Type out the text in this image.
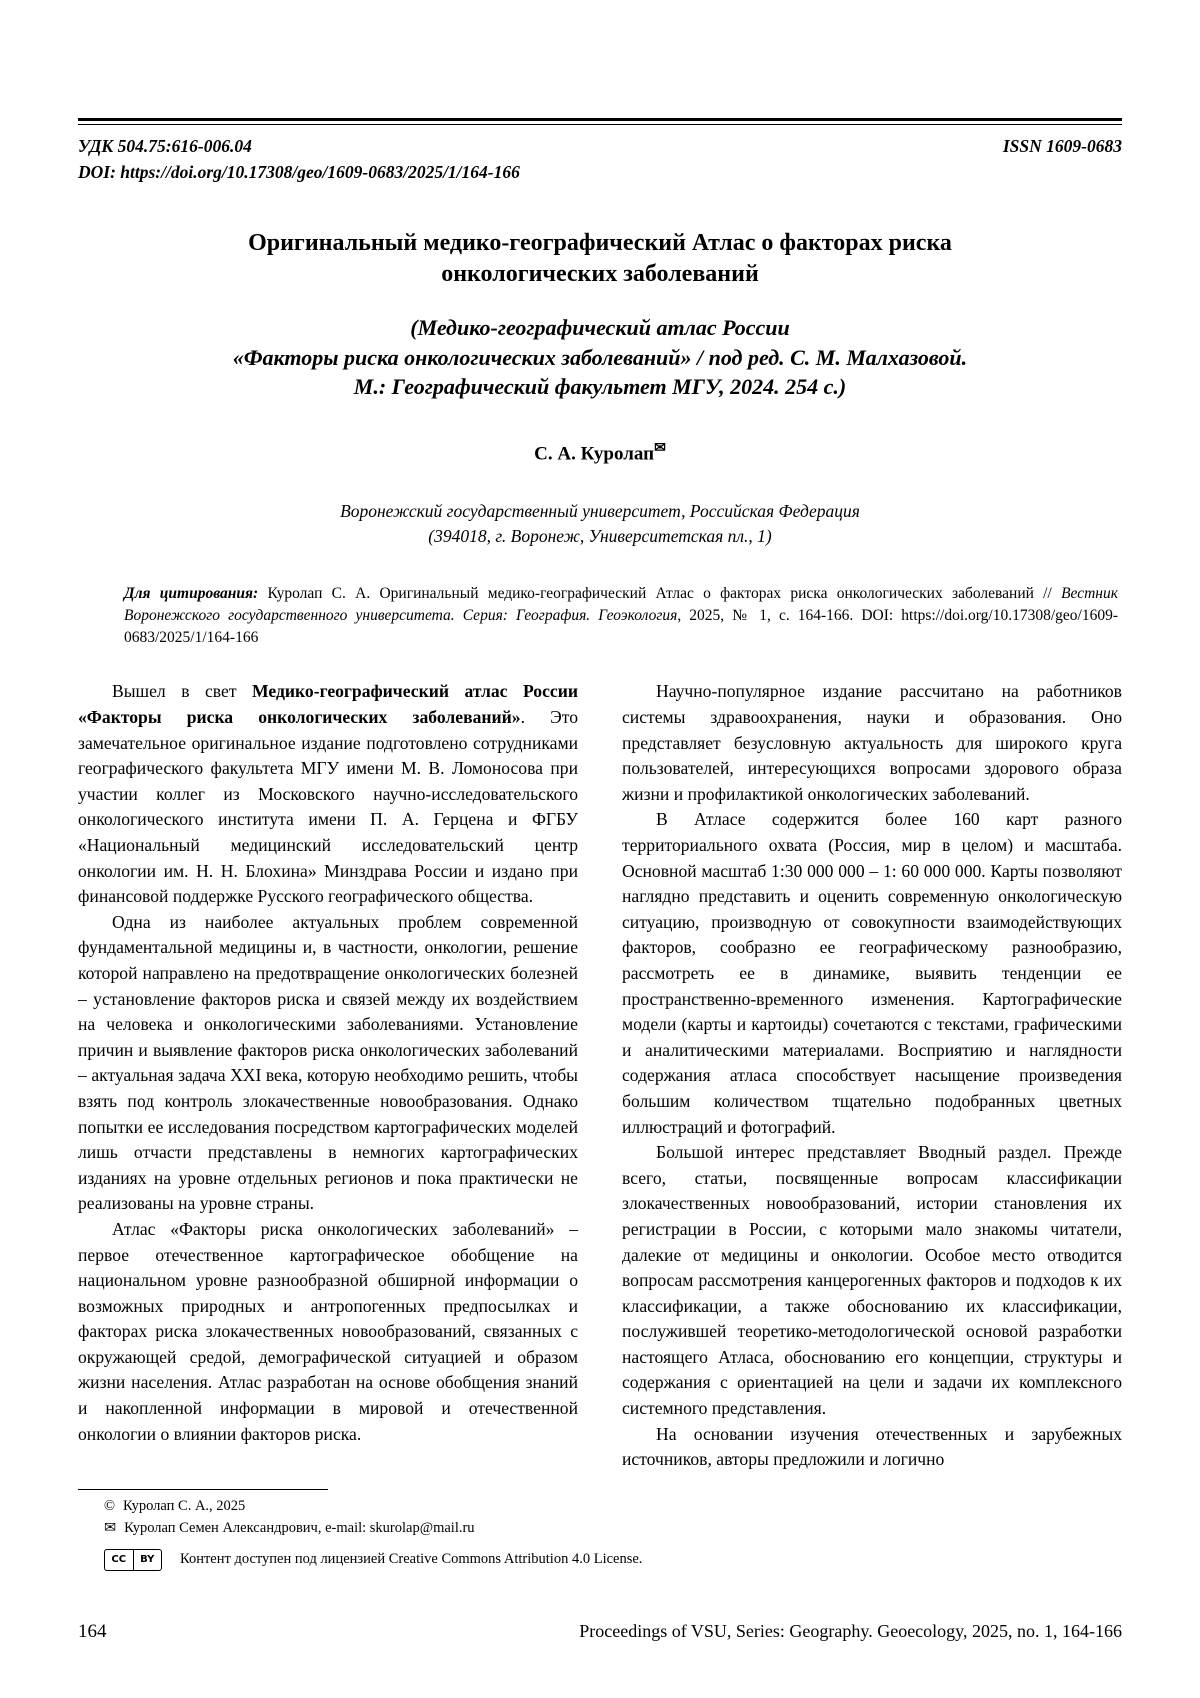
УДК 504.75:616-006.04	ISSN 1609-0683
DOI: https://doi.org/10.17308/geo/1609-0683/2025/1/164-166
Оригинальный медико-географический Атлас о факторах риска
онкологических заболеваний
(Медико-географический атлас России
«Факторы риска онкологических заболеваний» / под ред. С. М. Малхазовой.
М.: Географический факультет МГУ, 2024. 254 с.)
С. А. Куролап✉
Воронежский государственный университет, Российская Федерация
(394018, г. Воронеж, Университетская пл., 1)
Для цитирования: Куролап С. А. Оригинальный медико-географический Атлас о факторах риска онкологических заболеваний // Вестник Воронежского государственного университета. Серия: География. Геоэкология, 2025, № 1, с. 164-166. DOI: https://doi.org/10.17308/geo/1609-0683/2025/1/164-166

Вышел в свет Медико-географический атлас России «Факторы риска онкологических заболеваний». Это замечательное оригинальное издание подготовлено сотрудниками географического факультета МГУ имени М. В. Ломоносова при участии коллег из Московского научно-исследовательского онкологического института имени П. А. Герцена и ФГБУ «Национальный медицинский исследовательский центр онкологии им. Н. Н. Блохина» Минздрава России и издано при финансовой поддержке Русского географического общества.

Одна из наиболее актуальных проблем современной фундаментальной медицины и, в частности, онкологии, решение которой направлено на предотвращение онкологических болезней – установление факторов риска и связей между их воздействием на человека и онкологическими заболеваниями. Установление причин и выявление факторов риска онкологических заболеваний – актуальная задача XXI века, которую необходимо решить, чтобы взять под контроль злокачественные новообразования. Однако попытки ее исследования посредством картографических моделей лишь отчасти представлены в немногих картографических изданиях на уровне отдельных регионов и пока практически не реализованы на уровне страны.

Атлас «Факторы риска онкологических заболеваний» – первое отечественное картографическое обобщение на национальном уровне разнообразной обширной информации о возможных природных и антропогенных предпосылках и факторах риска злокачественных новообразований, связанных с окружающей средой, демографической ситуацией и образом жизни населения. Атлас разработан на основе обобщения знаний и накопленной информации в мировой и отечественной онкологии о влиянии факторов риска.

Научно-популярное издание рассчитано на работников системы здравоохранения, науки и образования. Оно представляет безусловную актуальность для широкого круга пользователей, интересующихся вопросами здорового образа жизни и профилактикой онкологических заболеваний.

В Атласе содержится более 160 карт разного территориального охвата (Россия, мир в целом) и масштаба. Основной масштаб 1:30 000 000 – 1: 60 000 000. Карты позволяют наглядно представить и оценить современную онкологическую ситуацию, производную от совокупности взаимодействующих факторов, сообразно ее географическому разнообразию, рассмотреть ее в динамике, выявить тенденции ее пространственно-временного изменения. Картографические модели (карты и картоиды) сочетаются с текстами, графическими и аналитическими материалами. Восприятию и наглядности содержания атласа способствует насыщение произведения большим количеством тщательно подобранных цветных иллюстраций и фотографий.

Большой интерес представляет Вводный раздел. Прежде всего, статьи, посвященные вопросам классификации злокачественных новообразований, истории становления их регистрации в России, с которыми мало знакомы читатели, далекие от медицины и онкологии. Особое место отводится вопросам рассмотрения канцерогенных факторов и подходов к их классификации, а также обоснованию их классификации, послужившей теоретико-методологической основой разработки настоящего Атласа, обоснованию его концепции, структуры и содержания с ориентацией на цели и задачи их комплексного системного представления.

На основании изучения отечественных и зарубежных источников, авторы предложили и логично

© Куролап С. А., 2025
✉ Куролап Семен Александрович, e-mail: skurolap@mail.ru
CC	BY	Контент доступен под лицензией Creative Commons Attribution 4.0 License.
164	Proceedings of VSU, Series: Geography. Geoecology, 2025, no. 1, 164-166
